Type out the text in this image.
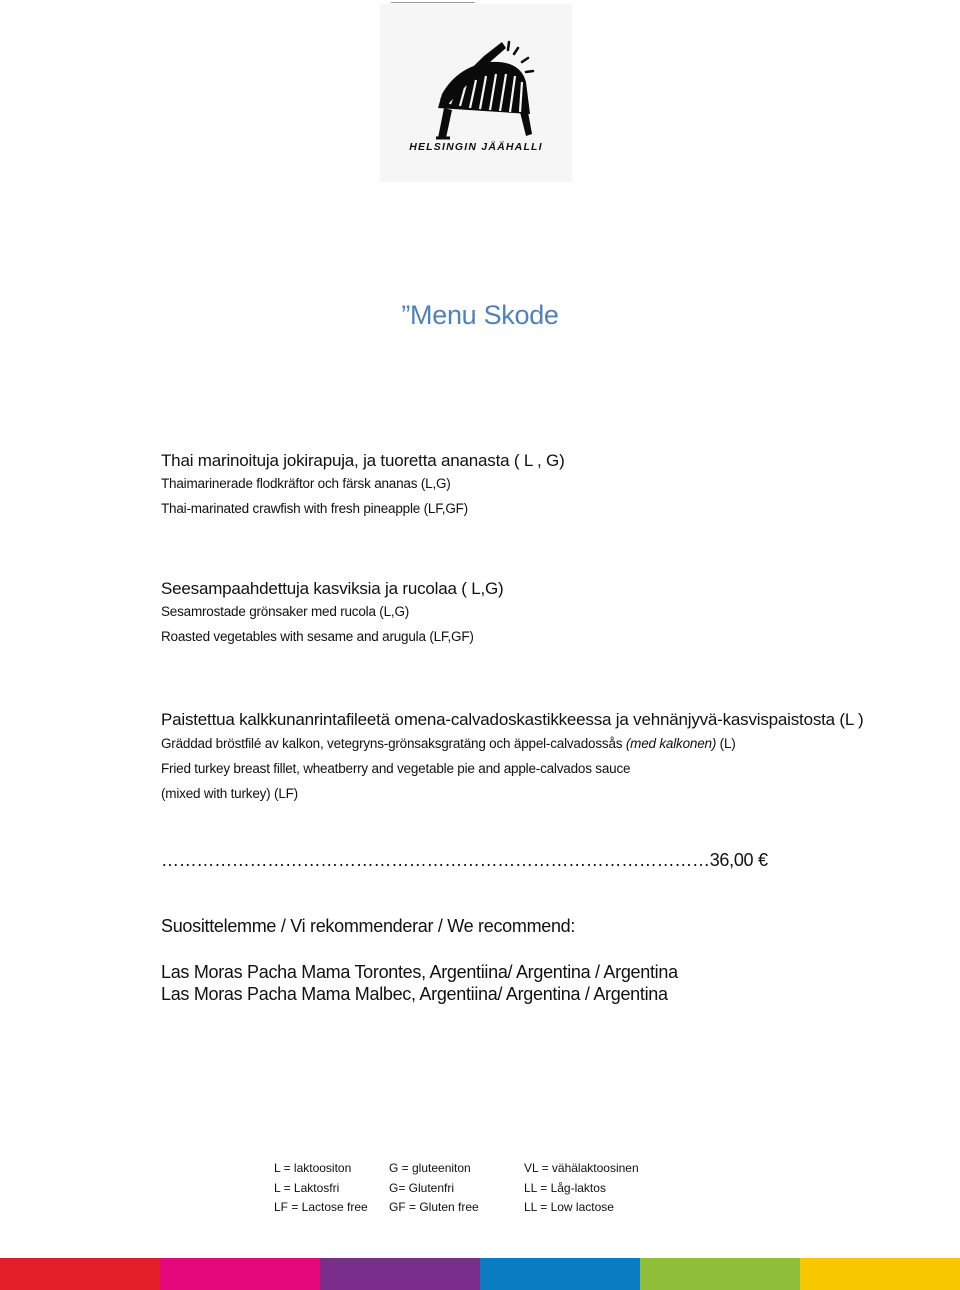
HELSINGIN JÄÄHALLI
”Menu Skode
Thai marinoituja jokirapuja, ja tuoretta ananasta ( L , G)
Thaimarinerade flodkräftor och färsk ananas (L,G)
Thai-marinated crawfish with fresh pineapple (LF,GF)
Seesampaahdettuja kasviksia ja rucolaa ( L,G)
Sesamrostade grönsaker med rucola (L,G)
Roasted vegetables with sesame and arugula (LF,GF)
Paistettua kalkkunanrintafileetä omena-calvadoskastikkeessa ja vehnänjyvä-kasvispaistosta (L )
Gräddad bröstfilé av kalkon, vetegryns-grönsaksgratäng och äppel-calvadossås (med kalkonen) (L)
Fried turkey breast fillet, wheatberry and vegetable pie and apple-calvados sauce
(mixed with turkey) (LF)
…………………………………………………………………………………36,00 €
Suosittelemme / Vi rekommenderar / We recommend:
Las Moras Pacha Mama Torontes, Argentiina/ Argentina / Argentina
Las Moras Pacha Mama Malbec, Argentiina/ Argentina / Argentina
L = laktoositon	G = gluteeniton	VL = vähälaktoosinen
L = Laktosfri	G= Glutenfri	LL = Låg-laktos
LF = Lactose free	GF = Gluten free	LL = Low lactose
